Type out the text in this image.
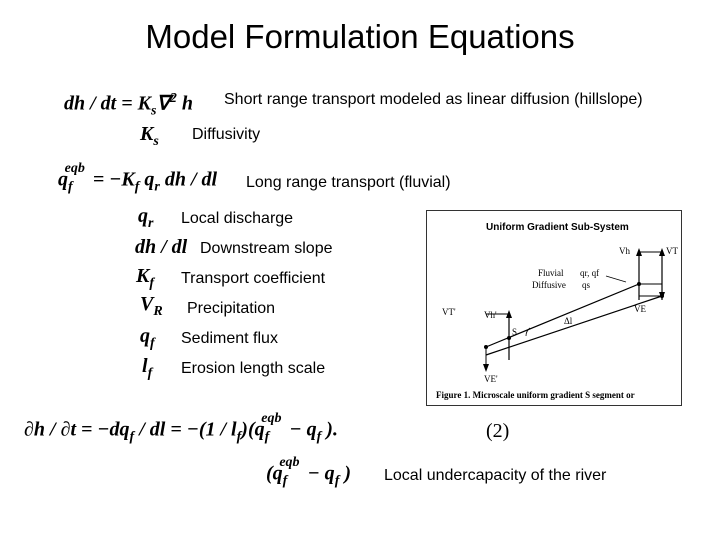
Model Formulation Equations
dh / dt = $K_s\nabla^2$ h Short range transport modeled as linear diffusion (hillslope)
$K_s$ Diffusivity
$q_f^{eqb}= -K_f$ $q_r$ dh / dl Long range transport (fluvial)
$q_r$ Local discharge
dh / dl Downstream slope
$K_f$ Transport coefficient
$V_R$ Precipitation
$q_f$ Sediment flux
$l_f$ Erosion length scale
$\partial h / \partial t = -dq_f$ / dl = $-(1 / l_f)(q_f^{eqb}- q_f$ ).	(2)
($q_f^{eqb}- q_f$ ) Local undercapacity of the river
Uniform Gradient Sub-System
Vh	VT
Fluvial
Diffusive
qr, qf
qs
VE
VT'	Vh'
S
Δl
VE'
Figure 1. Microscale uniform gradient S segment or
